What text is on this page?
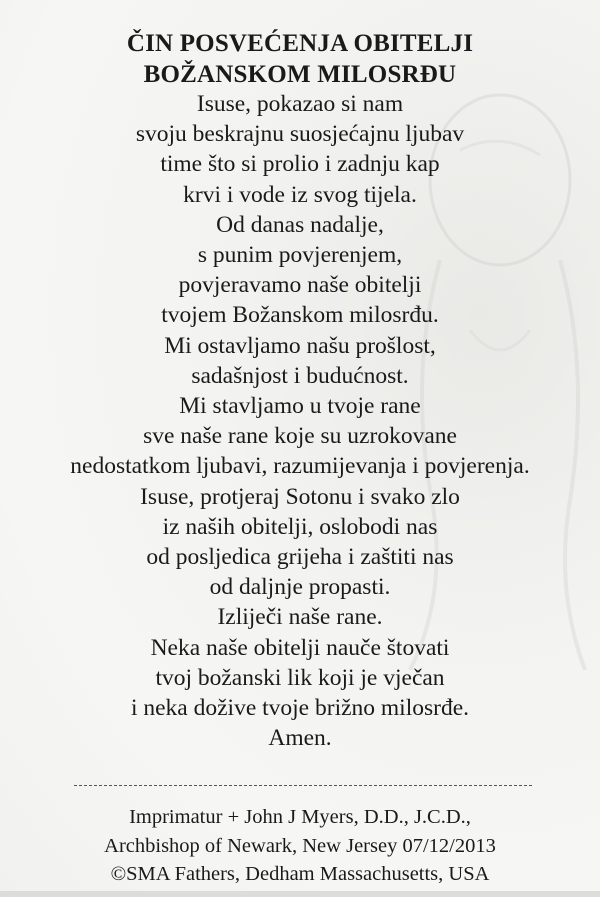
ČIN POSVEĆENJA OBITELJI
BOŽANSKOM MILOSRĐU
Isuse, pokazao si nam
svoju beskrajnu suosjećajnu ljubav
time što si prolio i zadnju kap
krvi i vode iz svog tijela.
Od danas nadalje,
s punim povjerenjem,
povjeravamo naše obitelji
tvojem Božanskom milosrđu.
Mi ostavljamo našu prošlost,
sadašnjost i budućnost.
Mi stavljamo u tvoje rane
sve naše rane koje su uzrokovane
nedostatkom ljubavi, razumijevanja i povjerenja.
Isuse, protjeraj Sotonu i svako zlo
iz naših obitelji, oslobodi nas
od posljedica grijeha i zaštiti nas
od daljnje propasti.
Izliječi naše rane.
Neka naše obitelji nauče štovati
tvoj božanski lik koji je vječan
i neka dožive tvoje brižno milosrđe.
Amen.
Imprimatur + John J Myers, D.D., J.C.D.,
Archbishop of Newark, New Jersey 07/12/2013
©SMA Fathers, Dedham Massachusetts, USA
